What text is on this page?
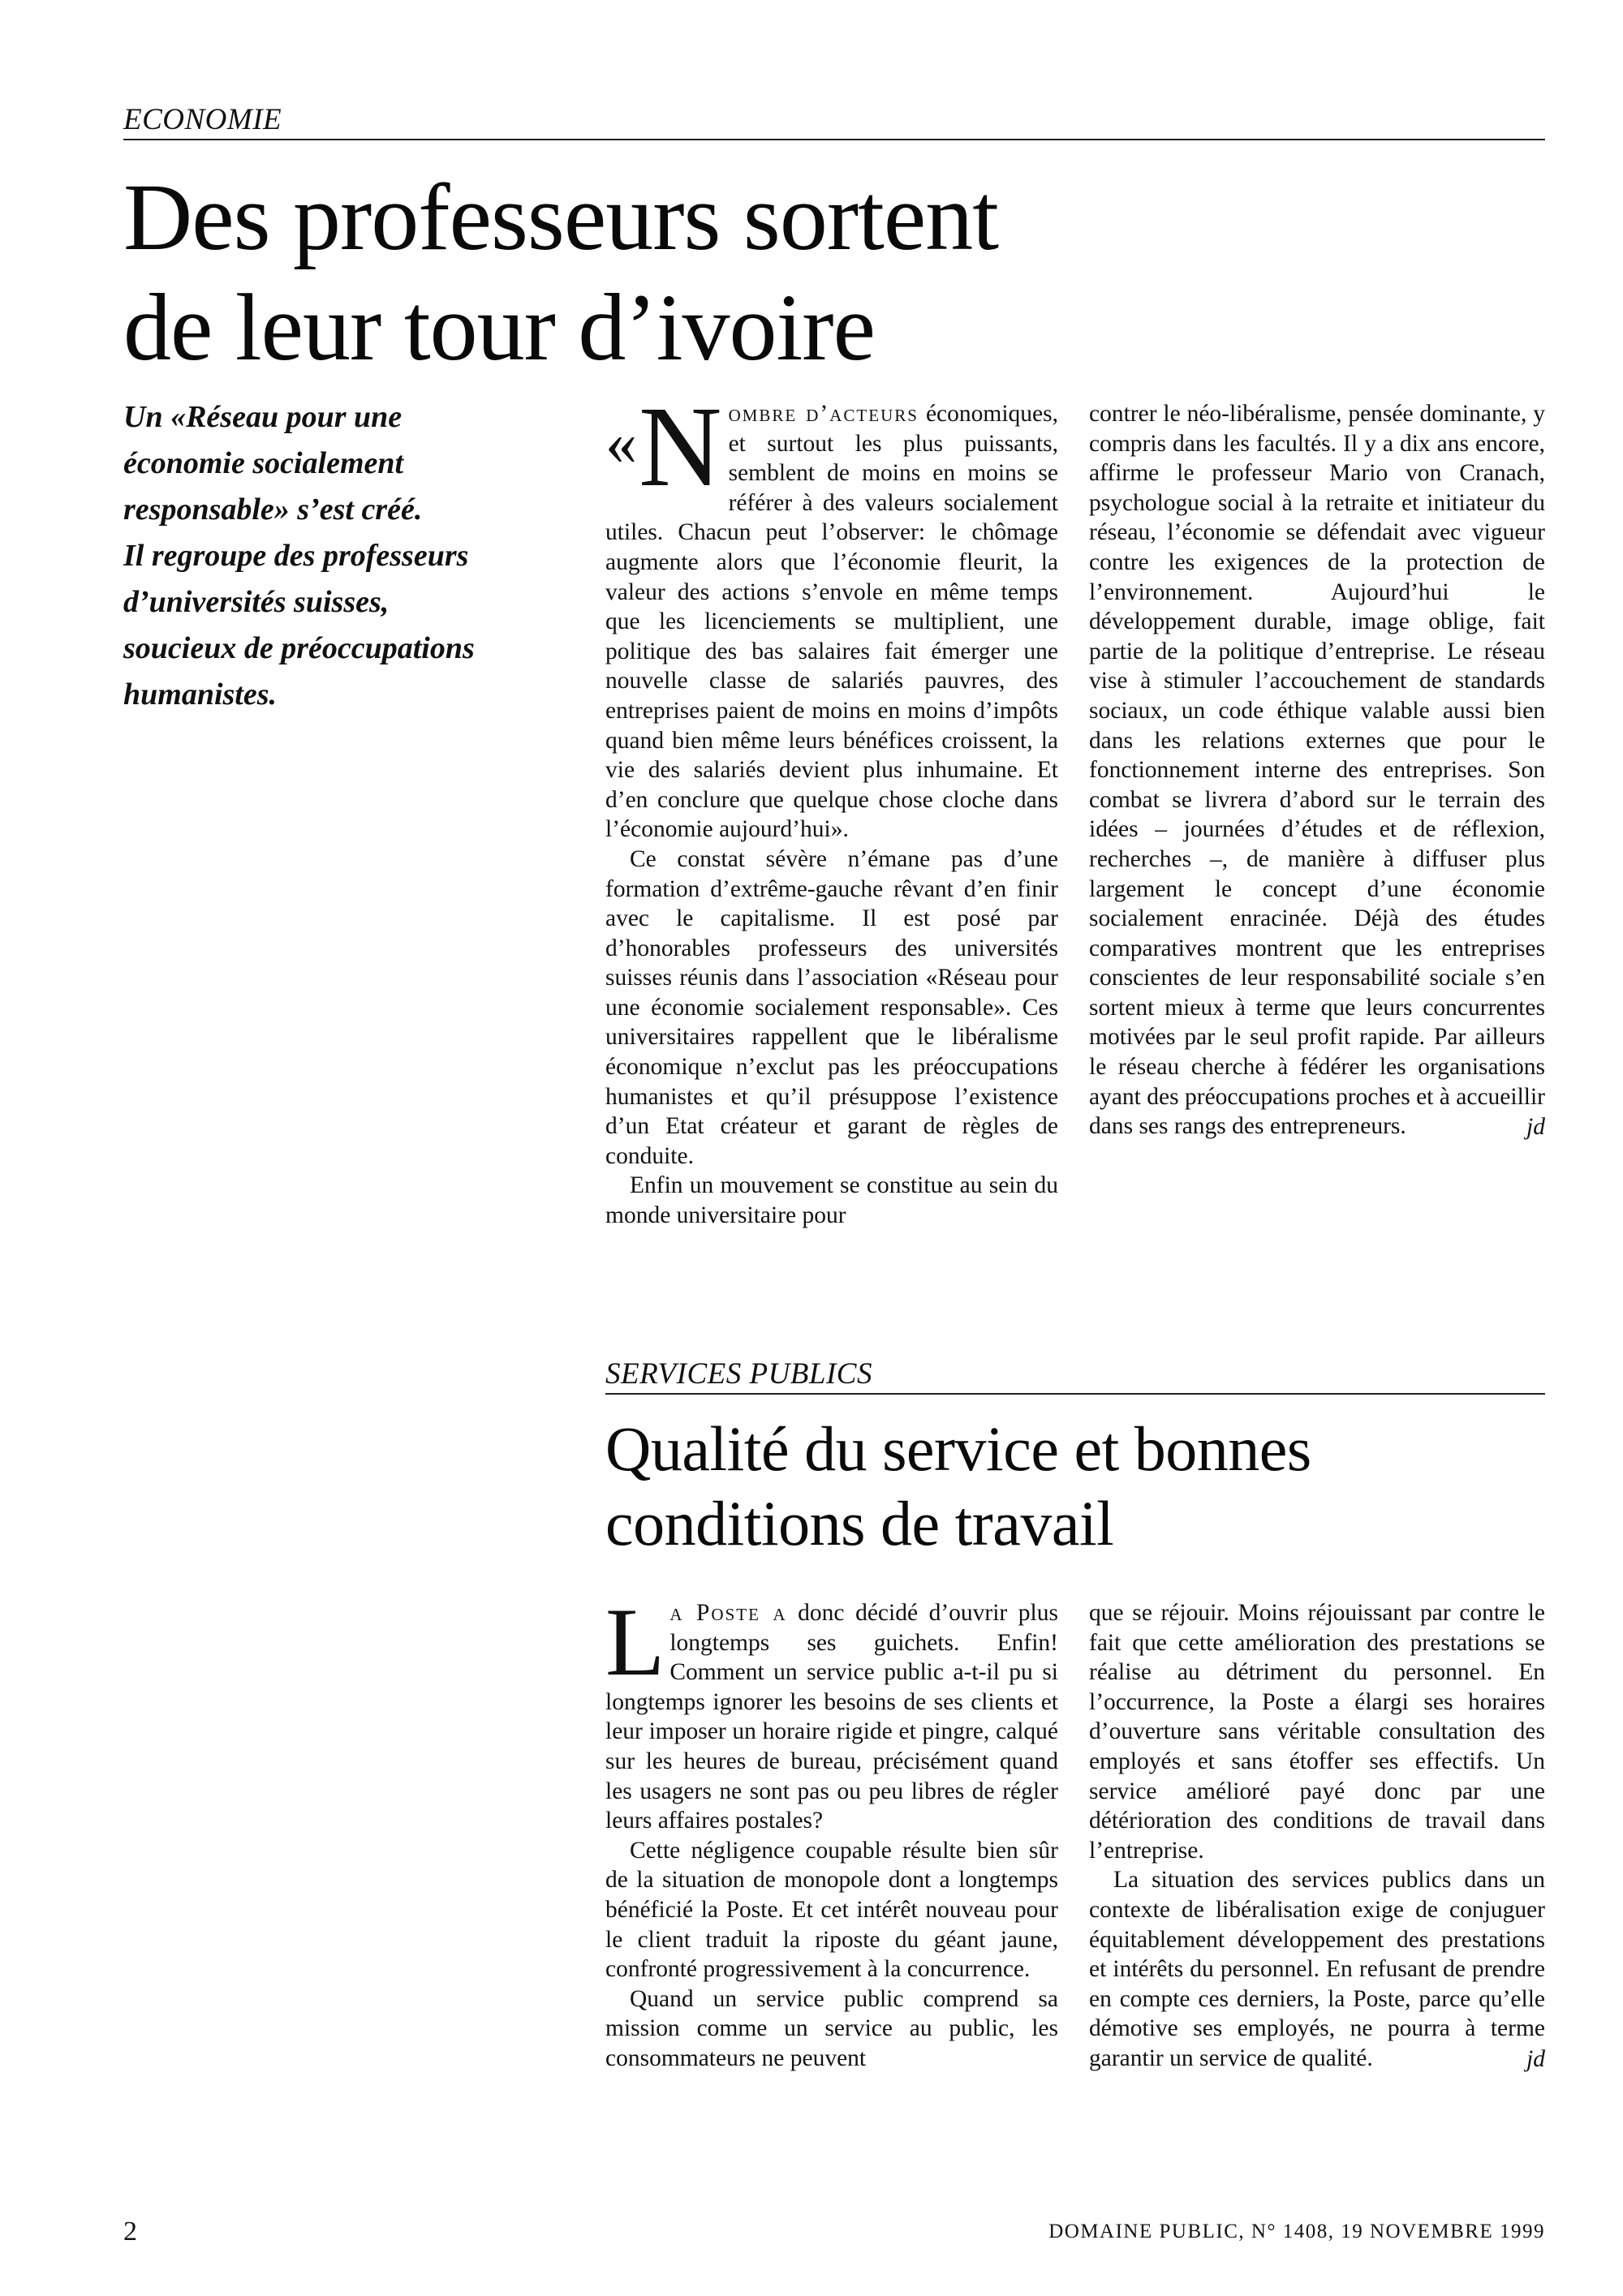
ECONOMIE
Des professeurs sortent
de leur tour d’ivoire
Un «Réseau pour une
économie socialement
responsable» s’est créé.
Il regroupe des professeurs
d’universités suisses,
soucieux de préoccupations
humanistes.

« N ombre d’acteurs économiques, et surtout les plus puissants, semblent de moins en moins se référer à des valeurs socialement utiles. Chacun peut l’observer: le chômage augmente alors que l’économie fleurit, la valeur des actions s’envole en même temps que les licenciements se multiplient, une politique des bas salaires fait émerger une nouvelle classe de salariés pauvres, des entreprises paient de moins en moins d’impôts quand bien même leurs bénéfices croissent, la vie des salariés devient plus inhumaine. Et d’en conclure que quelque chose cloche dans l’économie aujourd’hui».

Ce constat sévère n’émane pas d’une formation d’extrême-gauche rêvant d’en finir avec le capitalisme. Il est posé par d’honorables professeurs des universités suisses réunis dans l’association «Réseau pour une économie socialement responsable». Ces universitaires rappellent que le libéralisme économique n’exclut pas les préoccupations humanistes et qu’il présuppose l’existence d’un Etat créateur et garant de règles de conduite.

Enfin un mouvement se constitue au sein du monde universitaire pour

contrer le néo-libéralisme, pensée dominante, y compris dans les facultés. Il y a dix ans encore, affirme le professeur Mario von Cranach, psychologue social à la retraite et initiateur du réseau, l’économie se défendait avec vigueur contre les exigences de la protection de l’environnement. Aujourd’hui le développement durable, image oblige, fait partie de la politique d’entreprise. Le réseau vise à stimuler l’accouchement de standards sociaux, un code éthique valable aussi bien dans les relations externes que pour le fonctionnement interne des entreprises. Son combat se livrera d’abord sur le terrain des idées – journées d’études et de réflexion, recherches –, de manière à diffuser plus largement le concept d’une économie socialement enracinée. Déjà des études comparatives montrent que les entreprises conscientes de leur responsabilité sociale s’en sortent mieux à terme que leurs concurrentes motivées par le seul profit rapide. Par ailleurs le réseau cherche à fédérer les organisations ayant des préoccupations proches et à accueillir dans ses rangs des entrepreneurs.	jd
SERVICES PUBLICS
Qualité du service et bonnes
conditions de travail

La Poste a donc décidé d’ouvrir plus longtemps ses guichets. Enfin! Comment un service public a-t-il pu si longtemps ignorer les besoins de ses clients et leur imposer un horaire rigide et pingre, calqué sur les heures de bureau, précisément quand les usagers ne sont pas ou peu libres de régler leurs affaires postales?

Cette négligence coupable résulte bien sûr de la situation de monopole dont a longtemps bénéficié la Poste. Et cet intérêt nouveau pour le client traduit la riposte du géant jaune, confronté progressivement à la concurrence.

Quand un service public comprend sa mission comme un service au public, les consommateurs ne peuvent

que se réjouir. Moins réjouissant par contre le fait que cette amélioration des prestations se réalise au détriment du personnel. En l’occurrence, la Poste a élargi ses horaires d’ouverture sans véritable consultation des employés et sans étoffer ses effectifs. Un service amélioré payé donc par une détérioration des conditions de travail dans l’entreprise.

La situation des services publics dans un contexte de libéralisation exige de conjuguer équitablement développement des prestations et intérêts du personnel. En refusant de prendre en compte ces derniers, la Poste, parce qu’elle démotive ses employés, ne pourra à terme garantir un service de qualité.	jd
2	DOMAINE PUBLIC, N° 1408, 19 NOVEMBRE 1999
